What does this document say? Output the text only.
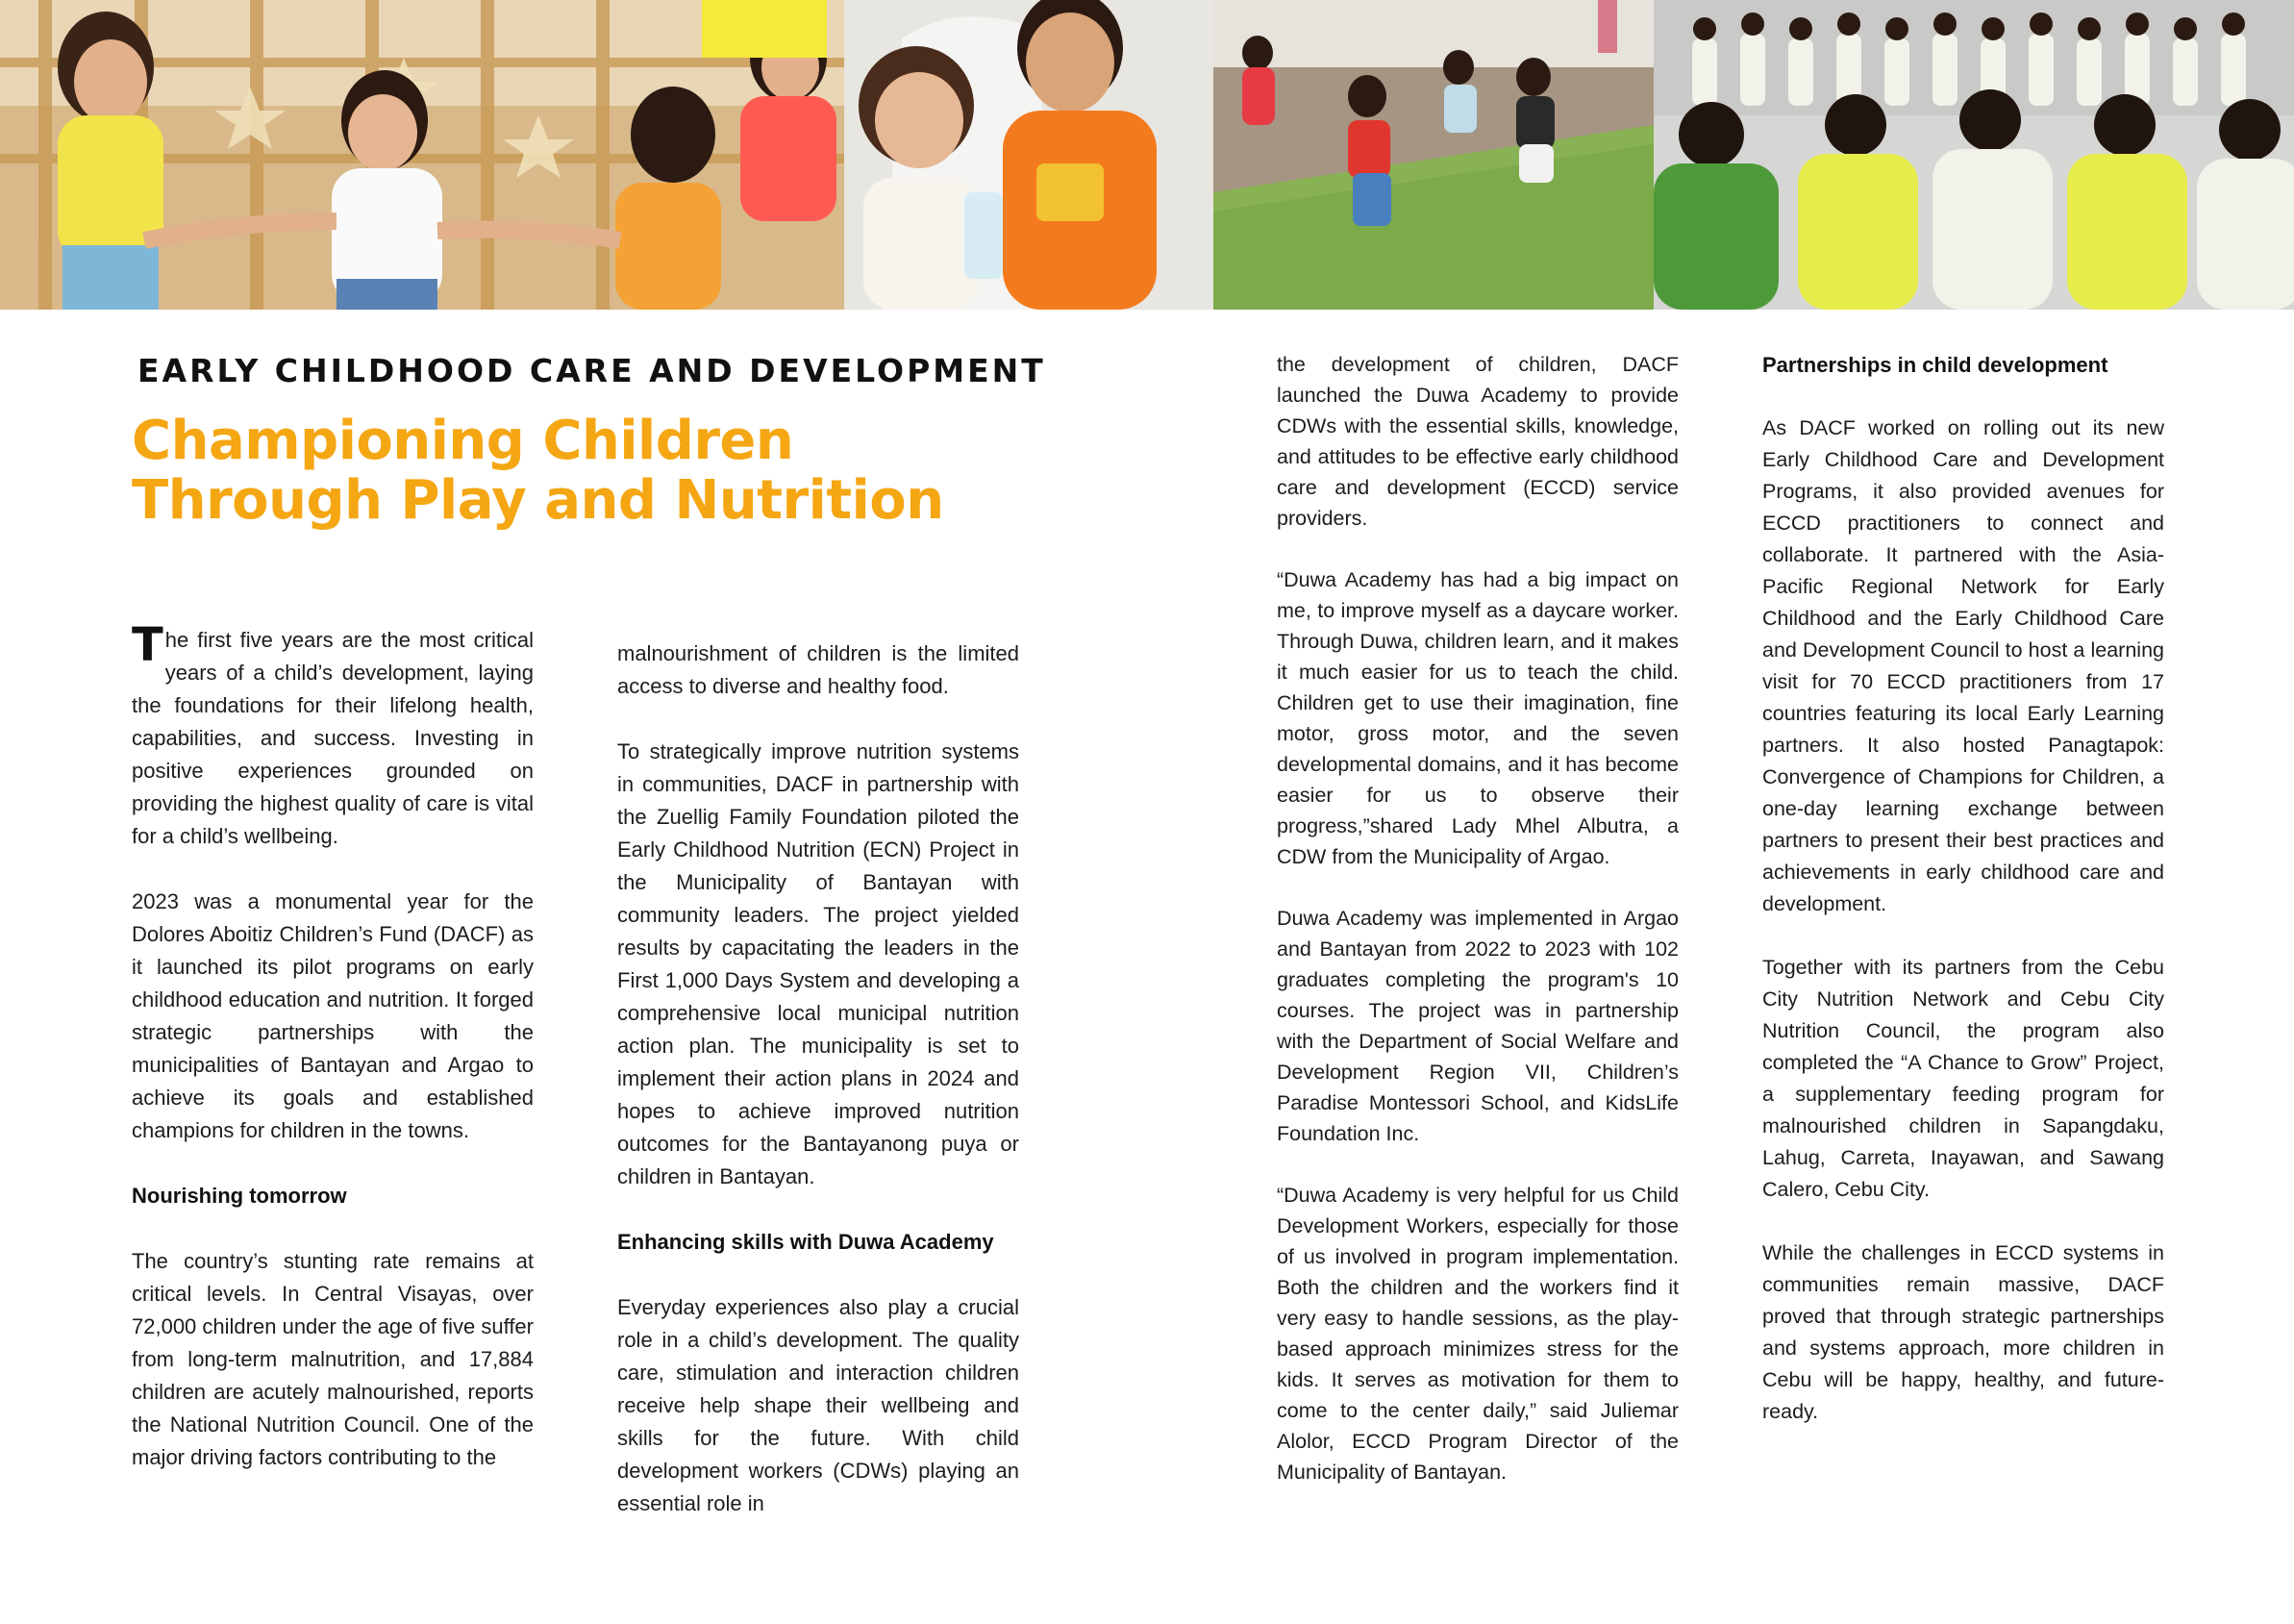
EARLY CHILDHOOD CARE AND DEVELOPMENT
Championing Children
Through Play and Nutrition

The first five years are the most critical years of a child’s development, laying the foundations for their lifelong health, capabilities, and success. Investing in positive experiences grounded on providing the highest quality of care is vital for a child’s wellbeing.

2023 was a monumental year for the Dolores Aboitiz Children’s Fund (DACF) as it launched its pilot programs on early childhood education and nutrition. It forged strategic partnerships with the municipalities of Bantayan and Argao to achieve its goals and established champions for children in the towns.

Nourishing tomorrow

The country’s stunting rate remains at critical levels. In Central Visayas, over 72,000 children under the age of five suffer from long-term malnutrition, and 17,884 children are acutely malnourished, reports the National Nutrition Council. One of the major driving factors contributing to the

malnourishment of children is the limited access to diverse and healthy food.

To strategically improve nutrition systems in communities, DACF in partnership with the Zuellig Family Foundation piloted the Early Childhood Nutrition (ECN) Project in the Municipality of Bantayan with community leaders. The project yielded results by capacitating the leaders in the First 1,000 Days System and developing a comprehensive local municipal nutrition action plan. The municipality is set to implement their action plans in 2024 and hopes to achieve improved nutrition outcomes for the Bantayanong puya or children in Bantayan.

Enhancing skills with Duwa Academy

Everyday experiences also play a crucial role in a child’s development. The quality care, stimulation and interaction children receive help shape their wellbeing and skills for the future. With child development workers (CDWs) playing an essential role in

the development of children, DACF launched the Duwa Academy to provide CDWs with the essential skills, knowledge, and attitudes to be effective early childhood care and development (ECCD) service providers.

“Duwa Academy has had a big impact on me, to improve myself as a daycare worker. Through Duwa, children learn, and it makes it much easier for us to teach the child. Children get to use their imagination, fine motor, gross motor, and the seven developmental domains, and it has become easier for us to observe their progress,”shared Lady Mhel Albutra, a CDW from the Municipality of Argao.

Duwa Academy was implemented in Argao and Bantayan from 2022 to 2023 with 102 graduates completing the program's 10 courses. The project was in partnership with the Department of Social Welfare and Development Region VII, Children’s Paradise Montessori School, and KidsLife Foundation Inc.

“Duwa Academy is very helpful for us Child Development Workers, especially for those of us involved in program implementation. Both the children and the workers find it very easy to handle sessions, as the play-based approach minimizes stress for the kids. It serves as motivation for them to come to the center daily,” said Juliemar Alolor, ECCD Program Director of the Municipality of Bantayan.

Partnerships in child development

As DACF worked on rolling out its new Early Childhood Care and Development Programs, it also provided avenues for ECCD practitioners to connect and collaborate. It partnered with the Asia-Pacific Regional Network for Early Childhood and the Early Childhood Care and Development Council to host a learning visit for 70 ECCD practitioners from 17 countries featuring its local Early Learning partners. It also hosted Panagtapok: Convergence of Champions for Children, a one-day learning exchange between partners to present their best practices and achievements in early childhood care and development.

Together with its partners from the Cebu City Nutrition Network and Cebu City Nutrition Council, the program also completed the “A Chance to Grow” Project, a supplementary feeding program for malnourished children in Sapangdaku, Lahug, Carreta, Inayawan, and Sawang Calero, Cebu City.

While the challenges in ECCD systems in communities remain massive, DACF proved that through strategic partnerships and systems approach, more children in Cebu will be happy, healthy, and future-ready.
